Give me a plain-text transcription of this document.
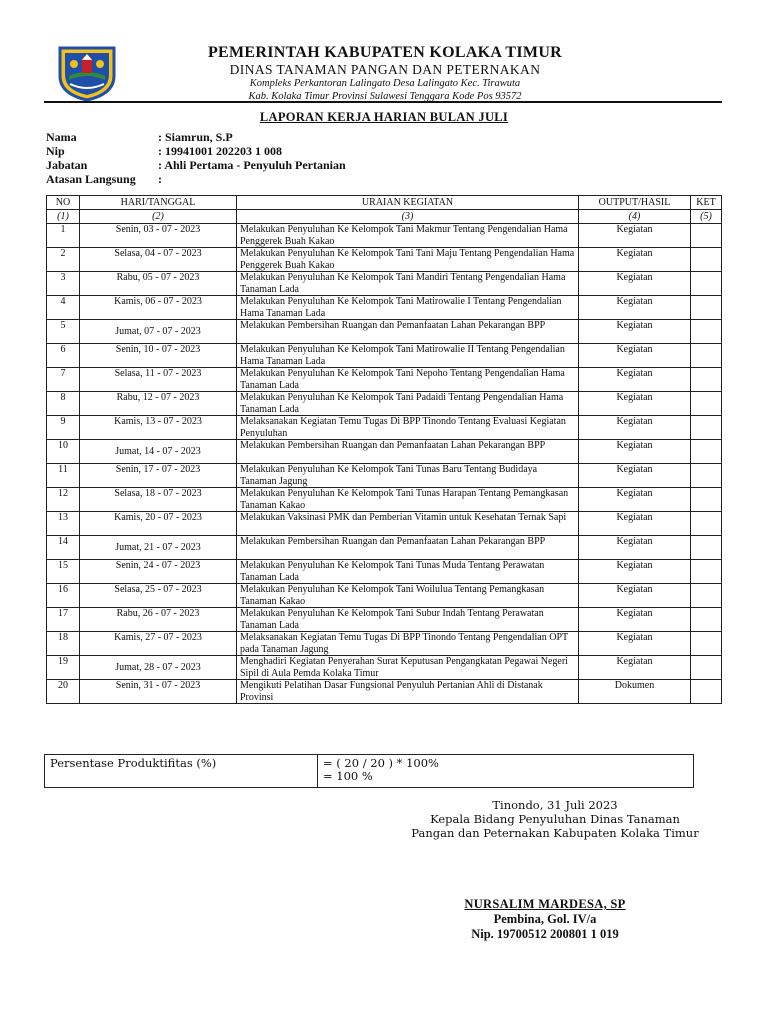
PEMERINTAH KABUPATEN KOLAKA TIMUR
DINAS TANAMAN PANGAN DAN PETERNAKAN
Kompleks Perkantoran Lalingato Desa Lalingato Kec. Tirawuta
Kab. Kolaka Timur Provinsi Sulawesi Tenggara Kode Pos 93572
LAPORAN KERJA HARIAN BULAN JULI
Nama	: Siamrun, S.P
Nip	: 19941001 202203 1 008
Jabatan	: Ahli Pertama - Penyuluh Pertanian
Atasan Langsung :
NO	HARI/TANGGAL	URAIAN KEGIATAN	OUTPUT/HASIL	KET
(1)	(2)	(3)	(4)	(5)
1	Senin, 03 - 07 - 2023	Melakukan Penyuluhan Ke Kelompok Tani Makmur Tentang Pengendalian Hama Penggerek Buah Kakao	Kegiatan	
2	Selasa, 04 - 07 - 2023	Melakukan Penyuluhan Ke Kelompok Tani Tani Maju Tentang Pengendalian Hama Penggerek Buah Kakao	Kegiatan	
3	Rabu, 05 - 07 - 2023	Melakukan Penyuluhan Ke Kelompok Tani Mandiri Tentang Pengendalian Hama Tanaman Lada	Kegiatan	
4	Kamis, 06 - 07 - 2023	Melakukan Penyuluhan Ke Kelompok Tani Matirowalie I Tentang Pengendalian Hama Tanaman Lada	Kegiatan	
5	Jumat, 07 - 07 - 2023	Melakukan Pembersihan Ruangan dan Pemanfaatan Lahan Pekarangan BPP	Kegiatan	
6	Senin, 10 - 07 - 2023	Melakukan Penyuluhan Ke Kelompok Tani Matirowalie II Tentang Pengendalian Hama Tanaman Lada	Kegiatan	
7	Selasa, 11 - 07 - 2023	Melakukan Penyuluhan Ke Kelompok Tani Nepoho Tentang Pengendalian Hama Tanaman Lada	Kegiatan	
8	Rabu, 12 - 07 - 2023	Melakukan Penyuluhan Ke Kelompok Tani Padaidi Tentang Pengendalian Hama Tanaman Lada	Kegiatan	
9	Kamis, 13 - 07 - 2023	Melaksanakan Kegiatan Temu Tugas Di BPP Tinondo Tentang Evaluasi Kegiatan Penyuluhan	Kegiatan	
10	Jumat, 14 - 07 - 2023	Melakukan Pembersihan Ruangan dan Pemanfaatan Lahan Pekarangan BPP	Kegiatan	
11	Senin, 17 - 07 - 2023	Melakukan Penyuluhan Ke Kelompok Tani Tunas Baru Tentang Budidaya Tanaman Jagung	Kegiatan	
12	Selasa, 18 - 07 - 2023	Melakukan Penyuluhan Ke Kelompok Tani Tunas Harapan Tentang Pemangkasan Tanaman Kakao	Kegiatan	
13	Kamis, 20 - 07 - 2023	Melakukan Vaksinasi PMK dan Pemberian Vitamin untuk Kesehatan Ternak Sapi	Kegiatan	
14	Jumat, 21 - 07 - 2023	Melakukan Pembersihan Ruangan dan Pemanfaatan Lahan Pekarangan BPP	Kegiatan	
15	Senin, 24 - 07 - 2023	Melakukan Penyuluhan Ke Kelompok Tani Tunas Muda Tentang Perawatan Tanaman Lada	Kegiatan	
16	Selasa, 25 - 07 - 2023	Melakukan Penyuluhan Ke Kelompok Tani Woilulua Tentang Pemangkasan Tanaman Kakao	Kegiatan	
17	Rabu, 26 - 07 - 2023	Melakukan Penyuluhan Ke Kelompok Tani Subur Indah Tentang Perawatan Tanaman Lada	Kegiatan	
18	Kamis, 27 - 07 - 2023	Melaksanakan Kegiatan Temu Tugas Di BPP Tinondo Tentang Pengendalian OPT pada Tanaman Jagung	Kegiatan	
19	Jumat, 28 - 07 - 2023	Menghadiri Kegiatan Penyerahan Surat Keputusan Pengangkatan Pegawai Negeri Sipil di Aula Pemda Kolaka Timur	Kegiatan	
20	Senin, 31 - 07 - 2023	Mengikuti Pelatihan Dasar Fungsional Penyuluh Pertanian Ahli di Distanak Provinsi	Dokumen	
Persentase Produktifitas (%)	= ( 20 / 20 ) * 100%
= 100 %
Tinondo, 31 Juli 2023
Kepala Bidang Penyuluhan Dinas Tanaman
Pangan dan Peternakan Kabupaten Kolaka Timur
NURSALIM MARDESA, SP
Pembina, Gol. IV/a
Nip. 19700512 200801 1 019
